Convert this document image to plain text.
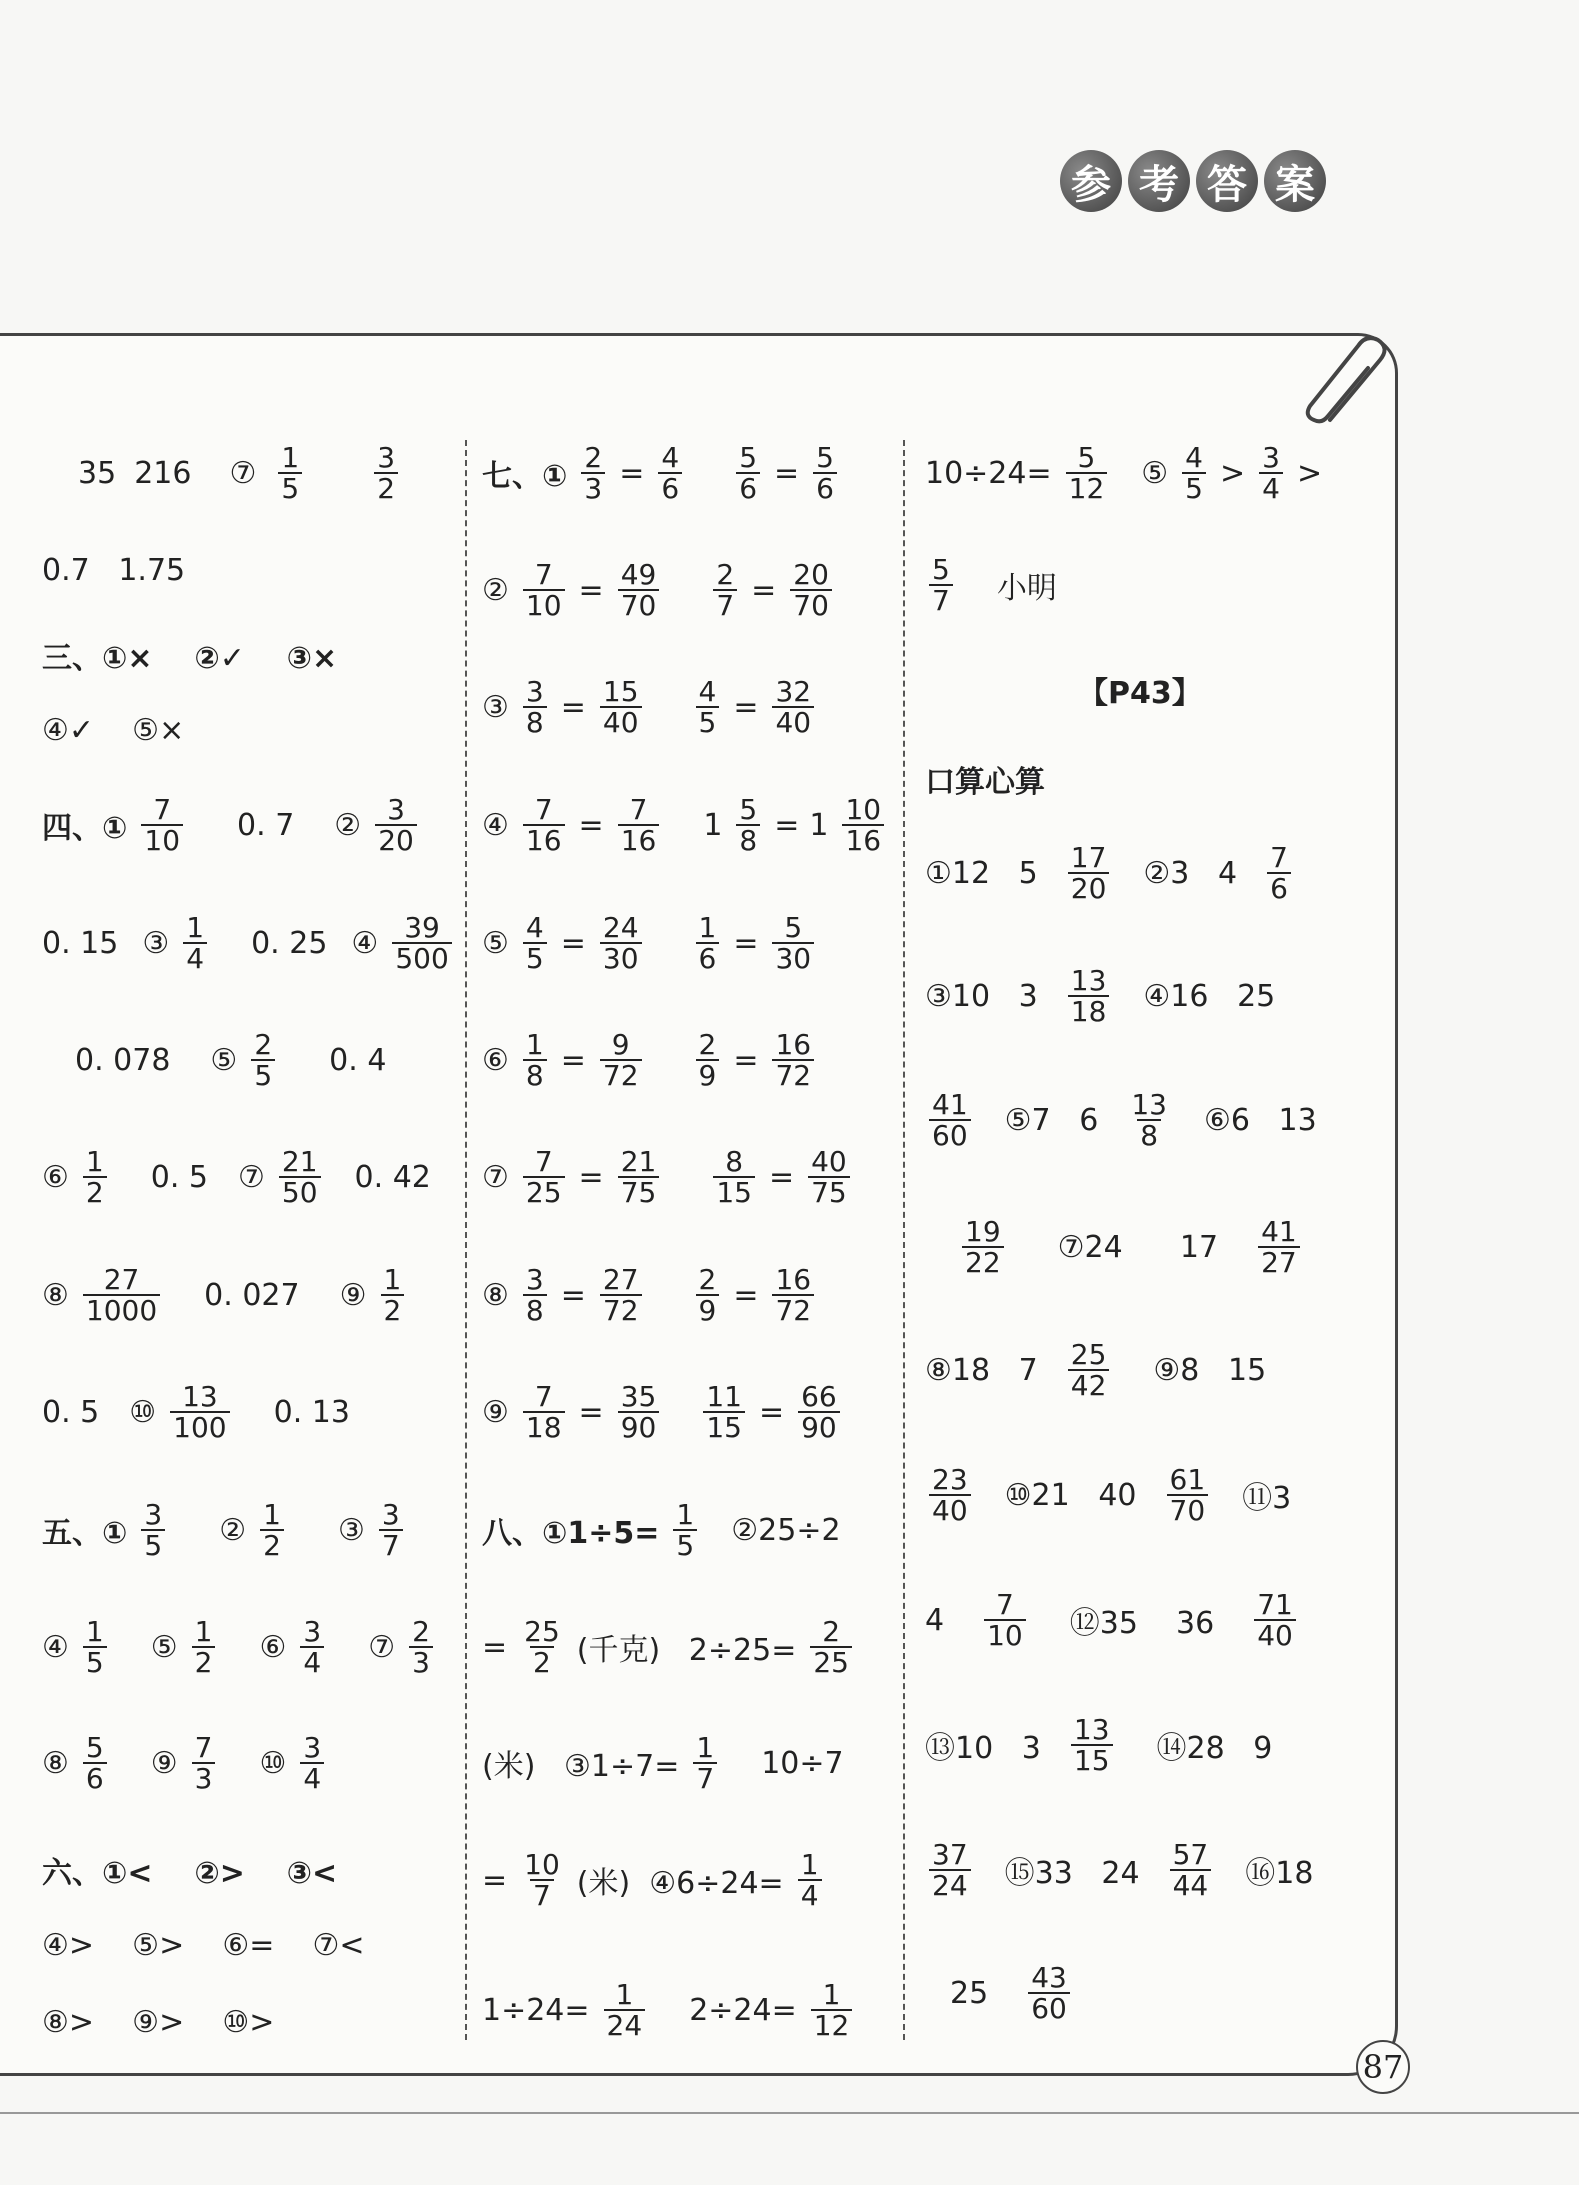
参 考 答 案
35 216 ⑦ $\frac{1}{5}$	$\frac{3}{2}$
0.7   1.75
三、①×    ②✓    ③×
④✓    ⑤×
四、① $\frac{7}{10} 0$. 7 ② $\frac{3}{20}$
0. 15 ③ $\frac{1}{4} 0$. 25 ④ $\frac{39}{500}$
0. 078 ⑤ $\frac{2}{5} 0$. 4
⑥ $\frac{1}{2} 0$. 5 ⑦ $\frac{21}{50} 0$. 42
⑧ $\frac{27}{1000} 0$. 027 ⑨ $\frac{1}{2}$
0. 5 ⑩ $\frac{13}{100} 0$. 13
五、① $\frac{3}{5}$ ② $\frac{1}{2}$ ③ $\frac{3}{7}$
④ $\frac{1}{5}$ ⑤ $\frac{1}{2}$ ⑥ $\frac{3}{4}$ ⑦ $\frac{2}{3}$
⑧ $\frac{5}{6}$ ⑨ $\frac{7}{3}$ ⑩ $\frac{3}{4}$
六、①<    ②>    ③<
④>    ⑤>    ⑥=    ⑦<
⑧>    ⑨>    ⑩>
七、① $\frac{2}{3} = \frac{4}{6} \frac{5}{6} = \frac{5}{6}$
② $\frac{7}{10} = \frac{49}{70} \frac{2}{7} = \frac{20}{70}$
③ $\frac{3}{8} = \frac{15}{40} \frac{4}{5} = \frac{32}{40}$
④ $\frac{7}{16} = \frac{7}{16} 1 \frac{5}{8} = 1 \frac{10}{16}$
⑤ $\frac{4}{5} = \frac{24}{30} \frac{1}{6} = \frac{5}{30}$
⑥ $\frac{1}{8} = \frac{9}{72} \frac{2}{9} = \frac{16}{72}$
⑦ $\frac{7}{25} = \frac{21}{75} \frac{8}{15} = \frac{40}{75}$
⑧ $\frac{3}{8} = \frac{27}{72} \frac{2}{9} = \frac{16}{72}$
⑨ $\frac{7}{18} = \frac{35}{90} \frac{11}{15} = \frac{66}{90}$
八、①1÷5= $\frac{1}{5}$ ②25÷2
= $\frac{25}{2}$ (千克)   $2\div 25= \frac{2}{25}$
(米)   ③1÷7= $\frac{1}{7} 10\div 7$
= $\frac{10}{7}$ (米)  ④6÷24= $\frac{1}{4}$
$1\div 24= \frac{1}{24} 2\div 24= \frac{1}{12}$
$10\div 24= \frac{5}{12}$ ⑤ $\frac{4}{5} > \frac{3}{4}$ >
$\frac{5}{7}$ 小明
【P43】
口算心算
①12   $5 \frac{17}{20}$ ②3   $4 \frac{7}{6}$
③10   $3 \frac{13}{18}$ ④16   25
$\frac{41}{60}$ ⑤7   $6 \frac{13}{8}$ ⑥6   13
$\frac{19}{22}$ ⑦24      $17 \frac{41}{27}$
⑧18   $7 \frac{25}{42}$ ⑨8   15
$\frac{23}{40}$ ⑩21   $40 \frac{61}{70}$ ⑪3
$4 \frac{7}{10}$ ⑫35    $36 \frac{71}{40}$
⑬10   $3 \frac{13}{15}$ ⑭28   9
$\frac{37}{24}$ ⑮33   $24 \frac{57}{44}$ ⑯18
$25 \frac{43}{60}$
87
